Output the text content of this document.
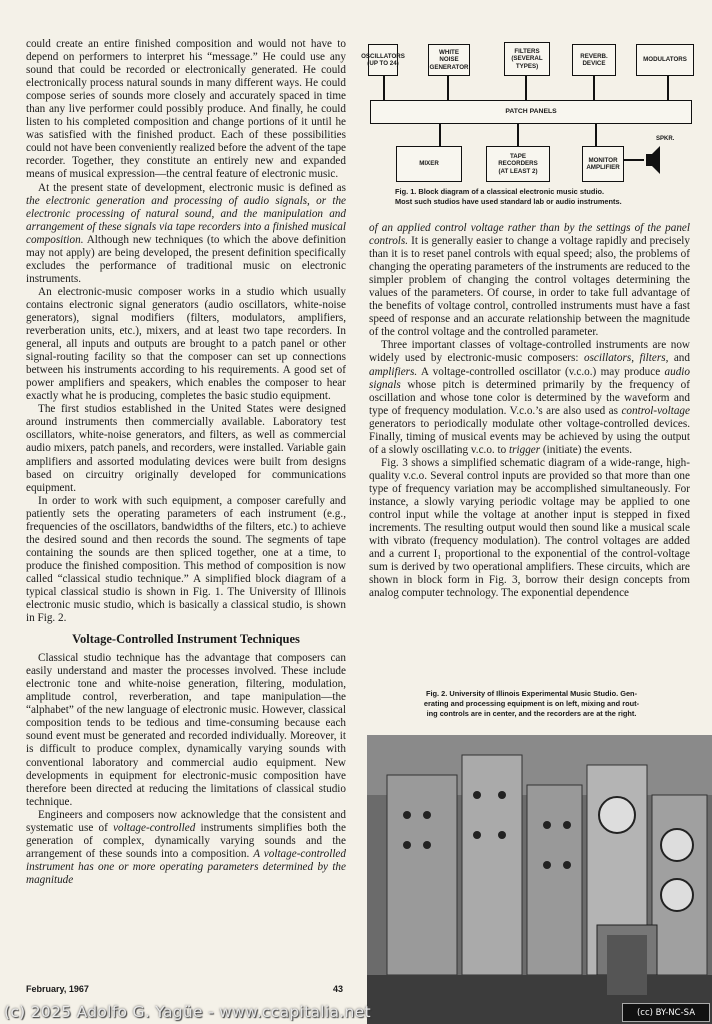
could create an entire finished composition and would not have to depend on performers to interpret his “message.” He could use any sound that could be recorded or electronically generated. He could electronically process natural sounds in many different ways. He could compose series of sounds more closely and accurately spaced in time than any live performer could possibly produce. And finally, he could listen to his completed composition and change portions of it until he was satisfied with the finished product. Each of these possibilities could not have been conveniently realized before the advent of the tape recorder. Together, they constitute an entirely new and expanded means of musical expression—the central feature of electronic music.

At the present state of development, electronic music is defined as the electronic generation and processing of audio signals, or the electronic processing of natural sound, and the manipulation and arrangement of these signals via tape recorders into a finished musical composition. Although new techniques (to which the above definition may not apply) are being developed, the present definition specifically excludes the performance of traditional music on electronic instruments.

An electronic-music composer works in a studio which usually contains electronic signal generators (audio oscillators, white-noise generators), signal modifiers (filters, modulators, amplifiers, reverberation units, etc.), mixers, and at least two tape recorders. In general, all inputs and outputs are brought to a patch panel or other signal-routing facility so that the composer can set up connections between his instruments according to his requirements. A good set of power amplifiers and speakers, which enables the composer to hear exactly what he is producing, completes the basic studio equipment.

The first studios established in the United States were designed around instruments then commercially available. Laboratory test oscillators, white-noise generators, and filters, as well as commercial audio mixers, patch panels, and recorders, were installed. Variable gain amplifiers and assorted modulating devices were built from designs based on circuitry originally developed for communications equipment.

In order to work with such equipment, a composer carefully and patiently sets the operating parameters of each instrument (e.g., frequencies of the oscillators, bandwidths of the filters, etc.) to achieve the desired sound and then records the sound. The segments of tape containing the sounds are then spliced together, one at a time, to produce the finished composition. This method of composition is now called “classical studio technique.” A simplified block diagram of a typical classical studio is shown in Fig. 1. The University of Illinois electronic music studio, which is basically a classical studio, is shown in Fig. 2.

Voltage-Controlled Instrument Techniques

Classical studio technique has the advantage that composers can easily understand and master the processes involved. These include electronic tone and white-noise generation, filtering, modulation, amplitude control, reverberation, and tape manipulation—the “alphabet” of the new language of electronic music. However, classical composition tends to be tedious and time-consuming because each sound event must be generated and recorded individually. Moreover, it is difficult to produce complex, dynamically varying sounds with conventional laboratory and commercial audio equipment. New developments in equipment for electronic-music composition have therefore been directed at reducing the limitations of classical studio technique.

Engineers and composers now acknowledge that the consistent and systematic use of voltage-controlled instruments simplifies both the generation of complex, dynamically varying sounds and the arrangement of these sounds into a composition. A voltage-controlled instrument has one or more operating parameters determined by the magnitude

OSCILLATORS
(UP TO 24)
WHITE
NOISE
GENERATOR
FILTERS
(SEVERAL
TYPES)
REVERB.
DEVICE
MODULATORS
PATCH PANELS
MIXER
TAPE
RECORDERS
(AT LEAST 2)
MONITOR
AMPLIFIER
SPKR.
Fig. 1. Block diagram of a classical electronic music studio.
Most such studios have used standard lab or audio instruments.

of an applied control voltage rather than by the settings of the panel controls. It is generally easier to change a voltage rapidly and precisely than it is to reset panel controls with equal speed; also, the problems of changing the operating parameters of the instruments are reduced to the simpler problem of changing the control voltages determining the values of the parameters. Of course, in order to take full advantage of the benefits of voltage control, controlled instruments must have a fast speed of response and an accurate relationship between the magnitude of the control voltage and the controlled parameter.

Three important classes of voltage-controlled instruments are now widely used by electronic-music composers: oscillators, filters, and amplifiers. A voltage-controlled oscillator (v.c.o.) may produce audio signals whose pitch is determined primarily by the frequency of oscillation and whose tone color is determined by the waveform and type of frequency modulation. V.c.o.’s are also used as control-voltage generators to periodically modulate other voltage-controlled devices. Finally, timing of musical events may be achieved by using the output of a slowly oscillating v.c.o. to trigger (initiate) the events.

Fig. 3 shows a simplified schematic diagram of a wide-range, high-quality v.c.o. Several control inputs are provided so that more than one type of frequency variation may be accomplished simultaneously. For instance, a slowly varying periodic voltage may be applied to one control input while the voltage at another input is stepped in fixed increments. The resulting output would then sound like a musical scale with vibrato (frequency modulation). The control voltages are added and a current I₁ proportional to the exponential of the control-voltage sum is derived by two operational amplifiers. These circuits, which are shown in block form in Fig. 3, borrow their design concepts from analog computer technology. The exponential dependence

Fig. 2. University of Illinois Experimental Music Studio. Gen-
erating and processing equipment is on left, mixing and rout-
ing controls are in center, and the recorders are at the right.
February, 1967	43
(c) 2025 Adolfo G. Yagüe - www.ccapitalia.net	(cc) BY-NC-SA
